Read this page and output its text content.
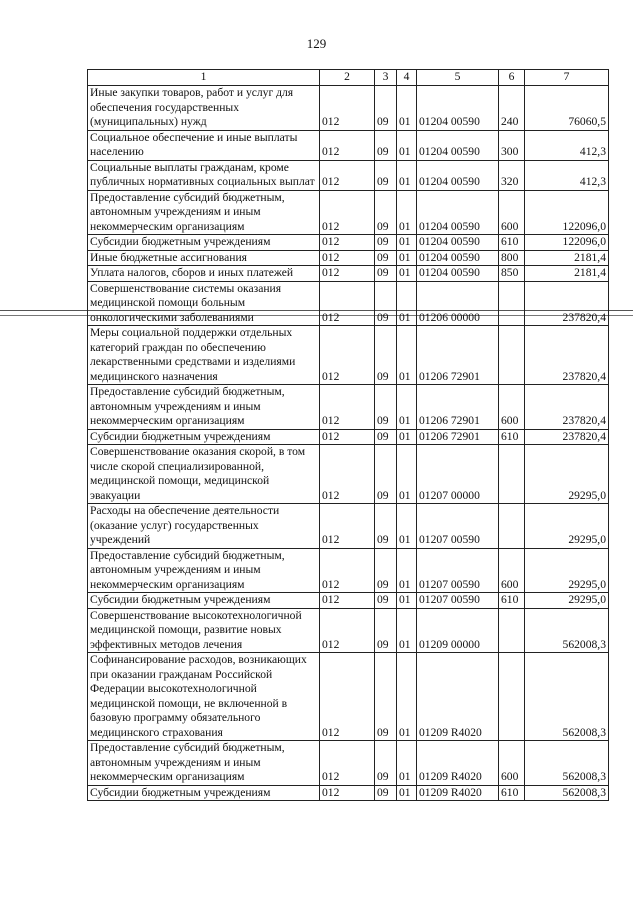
129
1	2	3	4	5	6	7
Иные закупки товаров, работ и услуг для обеспечения государственных (муниципальных) нужд	012	09	01	01204 00590	240	76060,5
Социальное обеспечение и иные выплаты населению	012	09	01	01204 00590	300	412,3
Социальные выплаты гражданам, кроме публичных нормативных социальных выплат	012	09	01	01204 00590	320	412,3
Предоставление субсидий бюджетным, автономным учреждениям и иным некоммерческим организациям	012	09	01	01204 00590	600	122096,0
Субсидии бюджетным учреждениям	012	09	01	01204 00590	610	122096,0
Иные бюджетные ассигнования	012	09	01	01204 00590	800	2181,4
Уплата налогов, сборов и иных платежей	012	09	01	01204 00590	850	2181,4
Совершенствование системы оказания медицинской помощи больным онкологическими заболеваниями	012	09	01	01206 00000		237820,4
Меры социальной поддержки отдельных категорий граждан по обеспечению лекарственными средствами и изделиями медицинского назначения	012	09	01	01206 72901		237820,4
Предоставление субсидий бюджетным, автономным учреждениям и иным некоммерческим организациям	012	09	01	01206 72901	600	237820,4
Субсидии бюджетным учреждениям	012	09	01	01206 72901	610	237820,4
Совершенствование оказания скорой, в том числе скорой специализированной, медицинской помощи, медицинской эвакуации	012	09	01	01207 00000		29295,0
Расходы на обеспечение деятельности (оказание услуг) государственных учреждений	012	09	01	01207 00590		29295,0
Предоставление субсидий бюджетным, автономным учреждениям и иным некоммерческим организациям	012	09	01	01207 00590	600	29295,0
Субсидии бюджетным учреждениям	012	09	01	01207 00590	610	29295,0
Совершенствование высокотехнологичной медицинской помощи, развитие новых эффективных методов лечения	012	09	01	01209 00000		562008,3
Софинансирование расходов, возникающих при оказании гражданам Российской Федерации высокотехнологичной медицинской помощи, не включенной в базовую программу обязательного медицинского страхования	012	09	01	01209 R4020		562008,3
Предоставление субсидий бюджетным, автономным учреждениям и иным некоммерческим организациям	012	09	01	01209 R4020	600	562008,3
Субсидии бюджетным учреждениям	012	09	01	01209 R4020	610	562008,3
